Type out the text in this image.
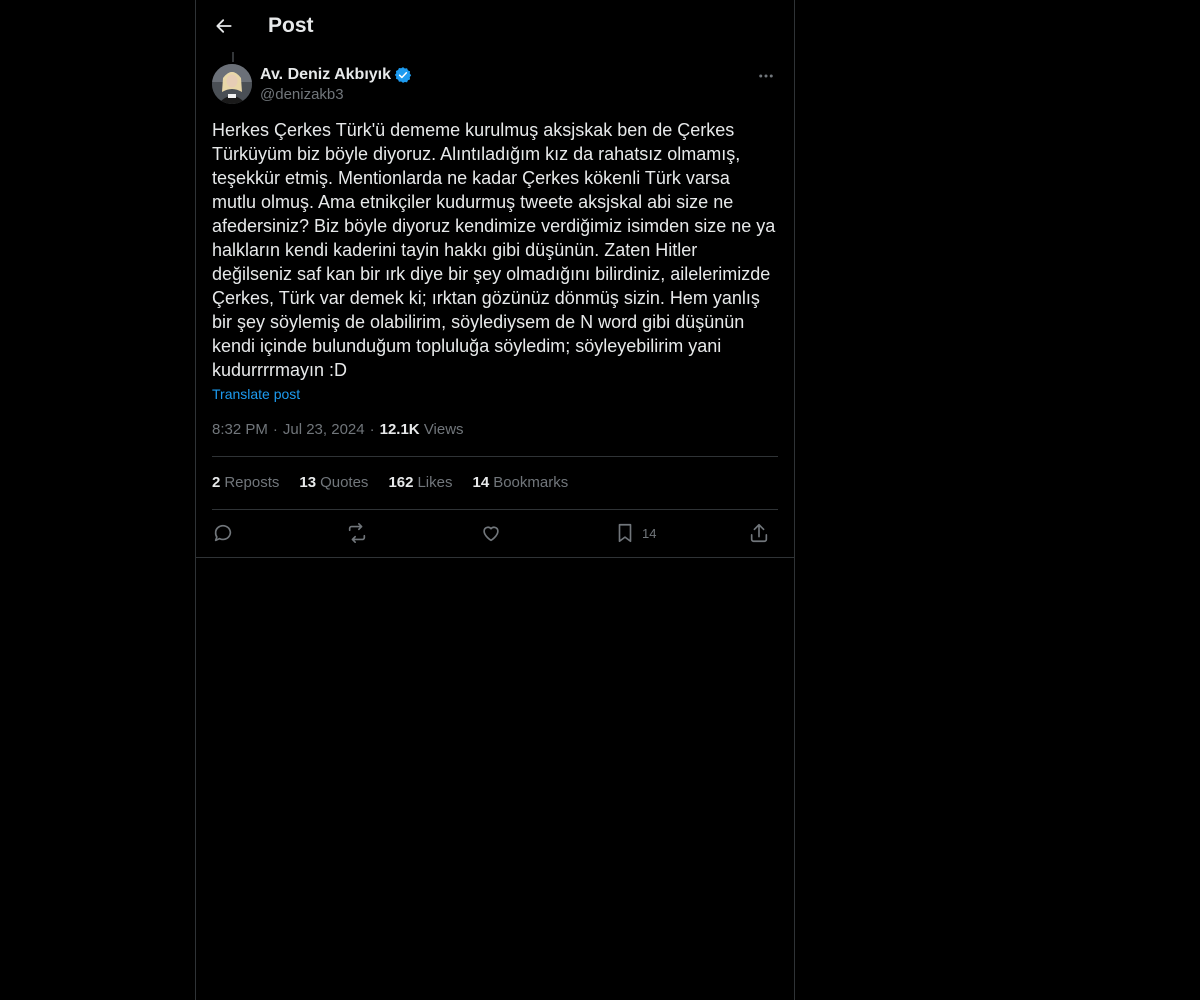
Post
Av. Deniz Akbıyık
@denizakb3
Herkes Çerkes Türk'ü dememe kurulmuş aksjskak ben de Çerkes Türküyüm biz böyle diyoruz. Alıntıladığım kız da rahatsız olmamış, teşekkür etmiş. Mentionlarda ne kadar Çerkes kökenli Türk varsa mutlu olmuş. Ama etnikçiler kudurmuş tweete aksjskal abi size ne afedersiniz? Biz böyle diyoruz kendimize verdiğimiz isimden size ne ya halkların kendi kaderini tayin hakkı gibi düşünün. Zaten Hitler değilseniz saf kan bir ırk diye bir şey olmadığını bilirdiniz, ailelerimizde Çerkes, Türk var demek ki; ırktan gözünüz dönmüş sizin. Hem yanlış bir şey söylemiş de olabilirim, söylediysem de N word gibi düşünün kendi içinde bulunduğum topluluğa söyledim; söyleyebilirim yani kudurrrrmayın :D
Translate post
8:32 PM · Jul 23, 2024 · 12.1K Views
2 Reposts 13 Quotes 162 Likes 14 Bookmarks
14
